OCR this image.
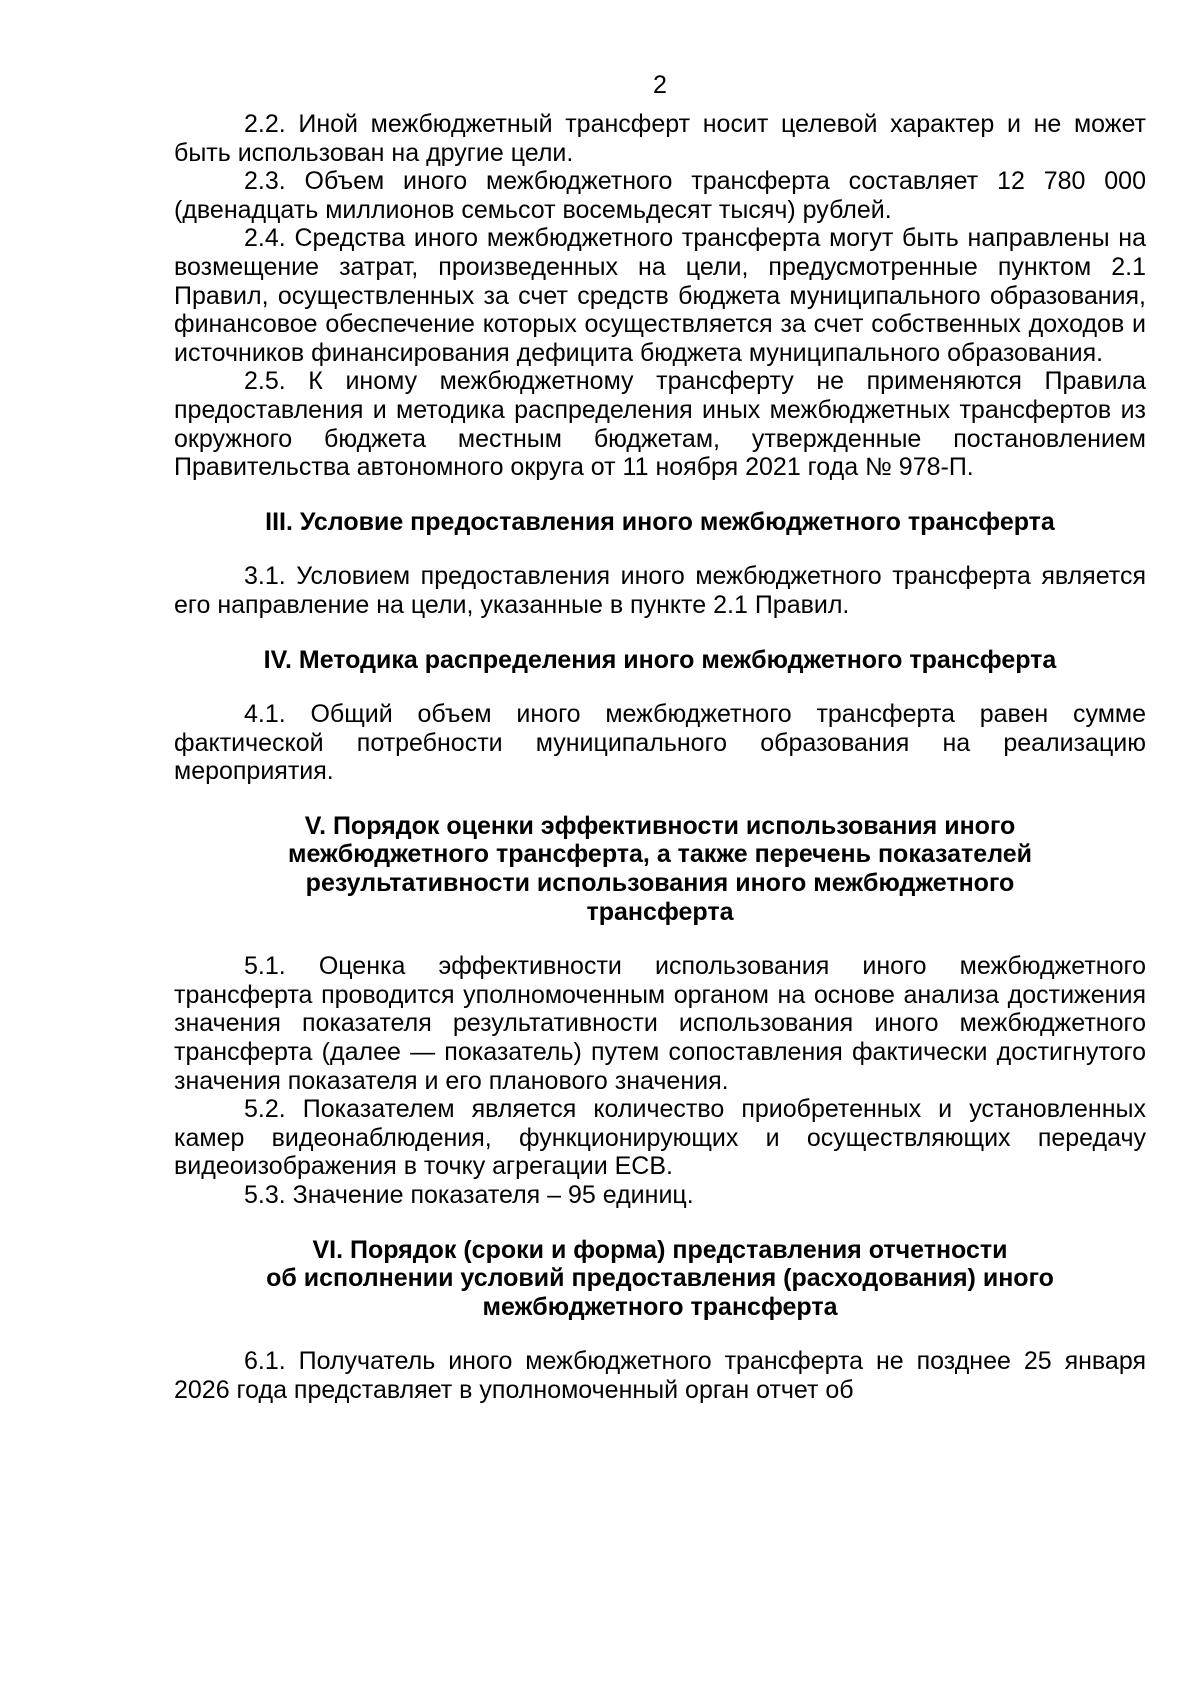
2

2.2. Иной межбюджетный трансферт носит целевой характер и не может быть использован на другие цели.

2.3. Объем иного межбюджетного трансферта составляет 12 780 000 (двенадцать миллионов семьсот восемьдесят тысяч) рублей.

2.4. Средства иного межбюджетного трансферта могут быть направлены на возмещение затрат, произведенных на цели, предусмотренные пунктом 2.1 Правил, осуществленных за счет средств бюджета муниципального образования, финансовое обеспечение которых осуществляется за счет собственных доходов и источников финансирования дефицита бюджета муниципального образования.

2.5. К иному межбюджетному трансферту не применяются Правила предоставления и методика распределения иных межбюджетных трансфертов из окружного бюджета местным бюджетам, утвержденные постановлением Правительства автономного округа от 11 ноября 2021 года № 978-П.

III. Условие предоставления иного межбюджетного трансферта

3.1. Условием предоставления иного межбюджетного трансферта является его направление на цели, указанные в пункте 2.1 Правил.

IV. Методика распределения иного межбюджетного трансферта

4.1. Общий объем иного межбюджетного трансферта равен сумме фактической потребности муниципального образования на реализацию мероприятия.

V. Порядок оценки эффективности использования иного
межбюджетного трансферта, а также перечень показателей
результативности использования иного межбюджетного
трансферта

5.1. Оценка эффективности использования иного межбюджетного трансферта проводится уполномоченным органом на основе анализа достижения значения показателя результативности использования иного межбюджетного трансферта (далее — показатель) путем сопоставления фактически достигнутого значения показателя и его планового значения.

5.2. Показателем является количество приобретенных и установленных камер видеонаблюдения, функционирующих и осуществляющих передачу видеоизображения в точку агрегации ЕСВ.

5.3. Значение показателя – 95 единиц.

VI. Порядок (сроки и форма) представления отчетности
об исполнении условий предоставления (расходования) иного
межбюджетного трансферта

6.1. Получатель иного межбюджетного трансферта не позднее 25 января 2026 года представляет в уполномоченный орган отчет об
